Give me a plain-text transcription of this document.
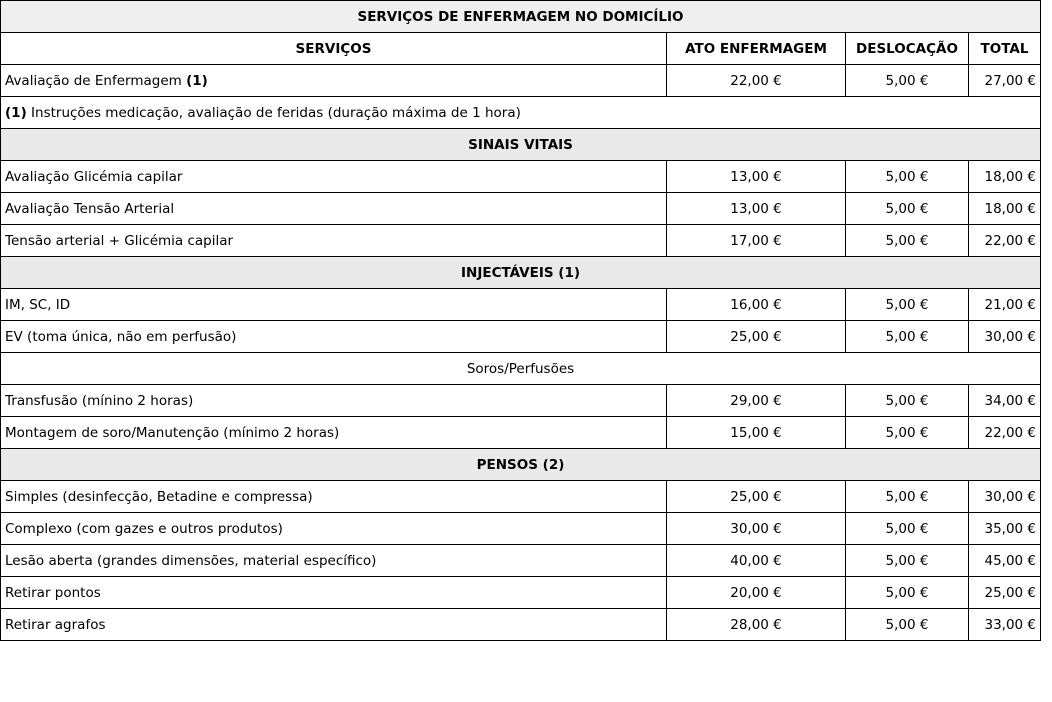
SERVIÇOS DE ENFERMAGEM NO DOMICÍLIO			
SERVIÇOS	ATO ENFERMAGEM	DESLOCAÇÃO	TOTAL
Avaliação de Enfermagem (1)	22,00 €	5,00 €	27,00 €
(1) Instruções medicação, avaliação de feridas (duração máxima de 1 hora)			
SINAIS VITAIS			
Avaliação Glicémia capilar	13,00 €	5,00 €	18,00 €
Avaliação Tensão Arterial	13,00 €	5,00 €	18,00 €
Tensão arterial + Glicémia capilar	17,00 €	5,00 €	22,00 €
INJECTÁVEIS (1)			
IM, SC, ID	16,00 €	5,00 €	21,00 €
EV (toma única, não em perfusão)	25,00 €	5,00 €	30,00 €
Soros/Perfusões			
Transfusão (mínino 2 horas)	29,00 €	5,00 €	34,00 €
Montagem de soro/Manutenção (mínimo 2 horas)	15,00 €	5,00 €	22,00 €
PENSOS (2)			
Simples (desinfecção, Betadine e compressa)	25,00 €	5,00 €	30,00 €
Complexo (com gazes e outros produtos)	30,00 €	5,00 €	35,00 €
Lesão aberta (grandes dimensões, material específico)	40,00 €	5,00 €	45,00 €
Retirar pontos	20,00 €	5,00 €	25,00 €
Retirar agrafos	28,00 €	5,00 €	33,00 €
